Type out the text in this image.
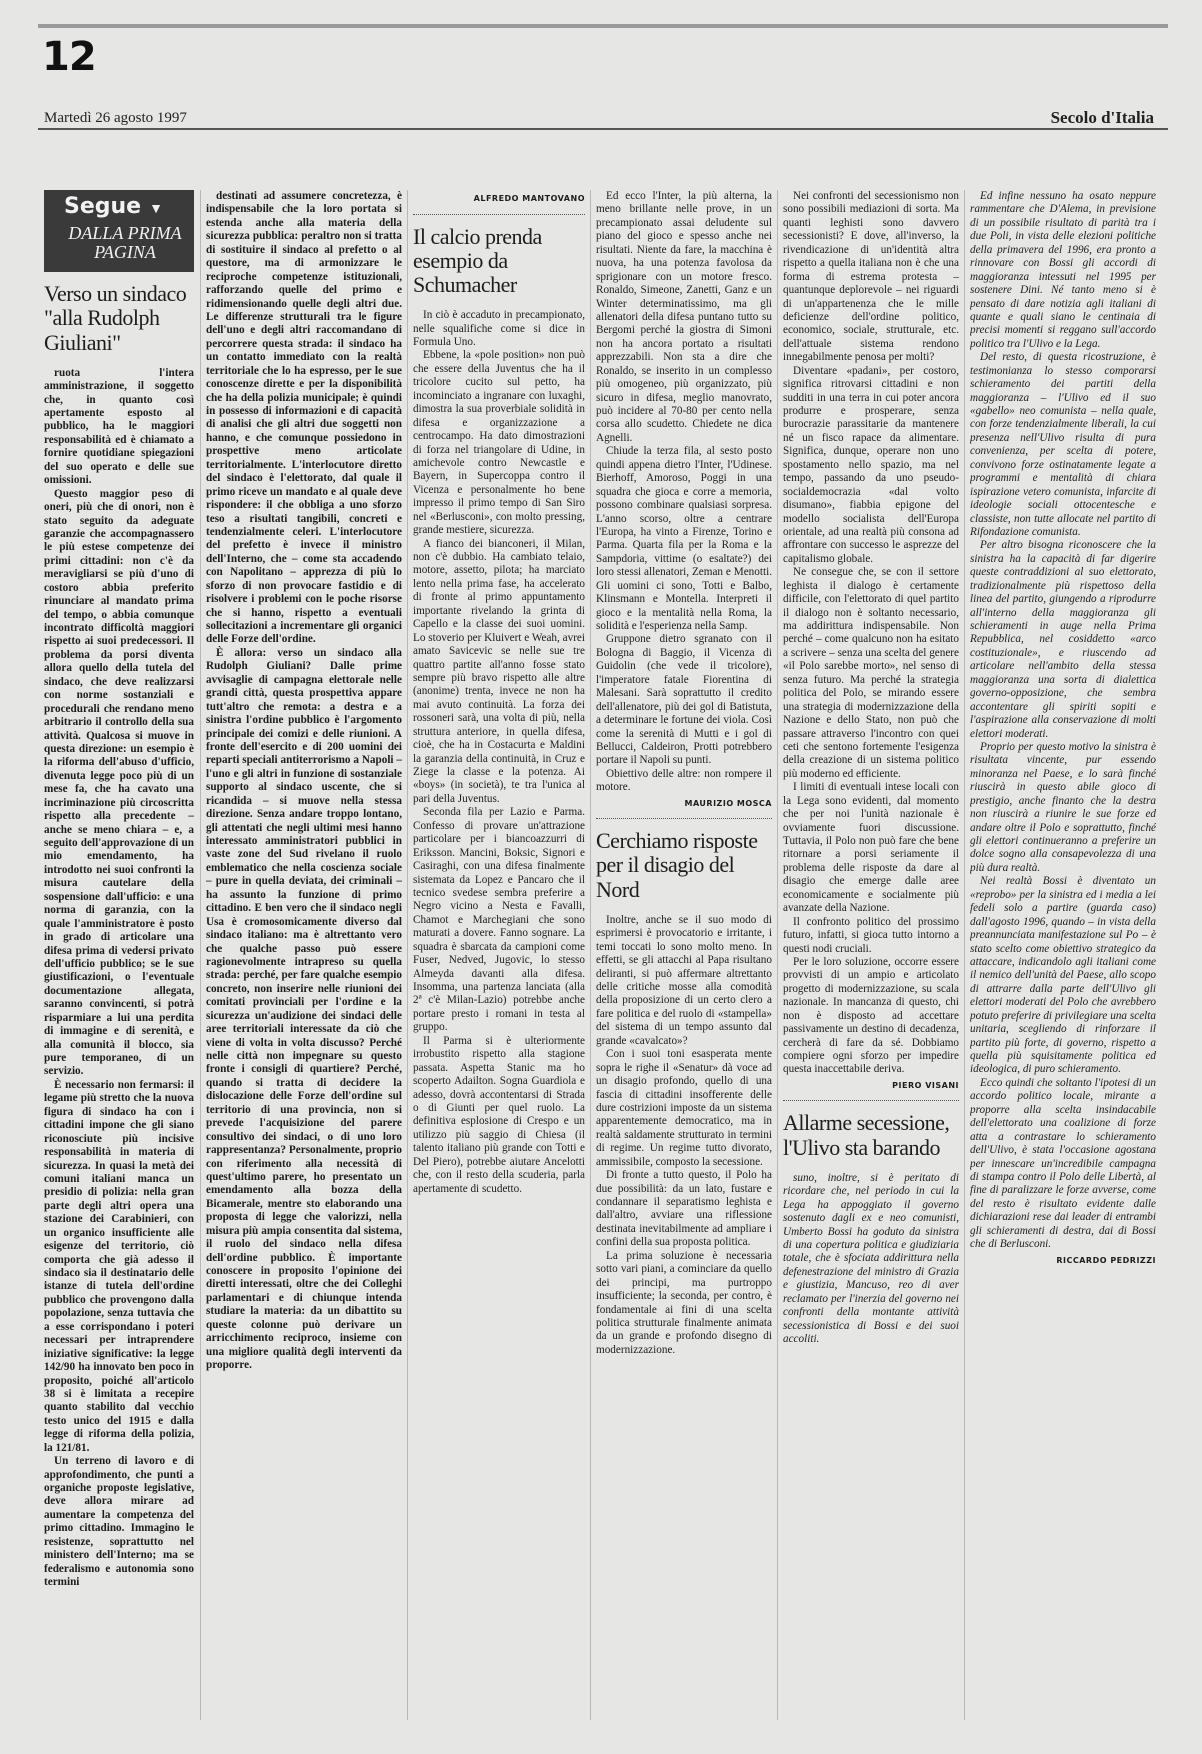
12
Martedì 26 agosto 1997	Secolo d'Italia
Segue ▼
DALLA PRIMA PAGINA
Verso un sindaco "alla Rudolph Giuliani"

ruota l'intera amministrazione, il soggetto che, in quanto così apertamente esposto al pubblico, ha le maggiori responsabilità ed è chiamato a fornire quotidiane spiegazioni del suo operato e delle sue omissioni.

Questo maggior peso di oneri, più che di onori, non è stato seguito da adeguate garanzie che accompagnassero le più estese competenze dei primi cittadini: non c'è da meravigliarsi se più d'uno di costoro abbia preferito rinunciare al mandato prima del tempo, o abbia comunque incontrato difficoltà maggiori rispetto ai suoi predecessori. Il problema da porsi diventa allora quello della tutela del sindaco, che deve realizzarsi con norme sostanziali e procedurali che rendano meno arbitrario il controllo della sua attività. Qualcosa si muove in questa direzione: un esempio è la riforma dell'abuso d'ufficio, divenuta legge poco più di un mese fa, che ha cavato una incriminazione più circoscritta rispetto alla precedente – anche se meno chiara – e, a seguito dell'approvazione di un mio emendamento, ha introdotto nei suoi confronti la misura cautelare della sospensione dall'ufficio: e una norma di garanzia, con la quale l'amministratore è posto in grado di articolare una difesa prima di vedersi privato dell'ufficio pubblico; se le sue giustificazioni, o l'eventuale documentazione allegata, saranno convincenti, si potrà risparmiare a lui una perdita di immagine e di serenità, e alla comunità il blocco, sia pure temporaneo, di un servizio.

È necessario non fermarsi: il legame più stretto che la nuova figura di sindaco ha con i cittadini impone che gli siano riconosciute più incisive responsabilità in materia di sicurezza. In quasi la metà dei comuni italiani manca un presidio di polizia: nella gran parte degli altri opera una stazione dei Carabinieri, con un organico insufficiente alle esigenze del territorio, ciò comporta che già adesso il sindaco sia il destinatario delle istanze di tutela dell'ordine pubblico che provengono dalla popolazione, senza tuttavia che a esse corrispondano i poteri necessari per intraprendere iniziative significative: la legge 142/90 ha innovato ben poco in proposito, poiché all'articolo 38 si è limitata a recepire quanto stabilito dal vecchio testo unico del 1915 e dalla legge di riforma della polizia, la 121/81.

Un terreno di lavoro e di approfondimento, che punti a organiche proposte legislative, deve allora mirare ad aumentare la competenza del primo cittadino. Immagino le resistenze, soprattutto nel ministero dell'Interno; ma se federalismo e autonomia sono termini

destinati ad assumere concretezza, è indispensabile che la loro portata si estenda anche alla materia della sicurezza pubblica: peraltro non si tratta di sostituire il sindaco al prefetto o al questore, ma di armonizzare le reciproche competenze istituzionali, rafforzando quelle del primo e ridimensionando quelle degli altri due. Le differenze strutturali tra le figure dell'uno e degli altri raccomandano di percorrere questa strada: il sindaco ha un contatto immediato con la realtà territoriale che lo ha espresso, per le sue conoscenze dirette e per la disponibilità che ha della polizia municipale; è quindi in possesso di informazioni e di capacità di analisi che gli altri due soggetti non hanno, e che comunque possiedono in prospettive meno articolate territorialmente. L'interlocutore diretto del sindaco è l'elettorato, dal quale il primo riceve un mandato e al quale deve rispondere: il che obbliga a uno sforzo teso a risultati tangibili, concreti e tendenzialmente celeri. L'interlocutore del prefetto è invece il ministro dell'Interno, che – come sta accadendo con Napolitano – apprezza di più lo sforzo di non provocare fastidio e di risolvere i problemi con le poche risorse che si hanno, rispetto a eventuali sollecitazioni a incrementare gli organici delle Forze dell'ordine.

È allora: verso un sindaco alla Rudolph Giuliani? Dalle prime avvisaglie di campagna elettorale nelle grandi città, questa prospettiva appare tutt'altro che remota: a destra e a sinistra l'ordine pubblico è l'argomento principale dei comizi e delle riunioni. A fronte dell'esercito e di 200 uomini dei reparti speciali antiterrorismo a Napoli – l'uno e gli altri in funzione di sostanziale supporto al sindaco uscente, che si ricandida – si muove nella stessa direzione. Senza andare troppo lontano, gli attentati che negli ultimi mesi hanno interessato amministratori pubblici in vaste zone del Sud rivelano il ruolo emblematico che nella coscienza sociale – pure in quella deviata, dei criminali – ha assunto la funzione di primo cittadino. E ben vero che il sindaco negli Usa è cromosomicamente diverso dal sindaco italiano: ma è altrettanto vero che qualche passo può essere ragionevolmente intrapreso su quella strada: perché, per fare qualche esempio concreto, non inserire nelle riunioni dei comitati provinciali per l'ordine e la sicurezza un'audizione dei sindaci delle aree territoriali interessate da ciò che viene di volta in volta discusso? Perché nelle città non impegnare su questo fronte i consigli di quartiere? Perché, quando si tratta di decidere la dislocazione delle Forze dell'ordine sul territorio di una provincia, non si prevede l'acquisizione del parere consultivo dei sindaci, o di uno loro rappresentanza? Personalmente, proprio con riferimento alla necessità di quest'ultimo parere, ho presentato un emendamento alla bozza della Bicamerale, mentre sto elaborando una proposta di legge che valorizzi, nella misura più ampia consentita dal sistema, il ruolo del sindaco nella difesa dell'ordine pubblico. È importante conoscere in proposito l'opinione dei diretti interessati, oltre che dei Colleghi parlamentari e di chiunque intenda studiare la materia: da un dibattito su queste colonne può derivare un arricchimento reciproco, insieme con una migliore qualità degli interventi da proporre.

ALFREDO MANTOVANO
Il calcio prenda esempio da Schumacher

In ciò è accaduto in precampionato, nelle squalifiche come si dice in Formula Uno.

Ebbene, la «pole position» non può che essere della Juventus che ha il tricolore cucito sul petto, ha incominciato a ingranare con luxaghi, dimostra la sua proverbiale solidità in difesa e organizzazione a centrocampo. Ha dato dimostrazioni di forza nel triangolare di Udine, in amichevole contro Newcastle e Bayern, in Supercoppa contro il Vicenza e personalmente ho bene impresso il primo tempo di San Siro nel «Berlusconi», con molto pressing, grande mestiere, sicurezza.

A fianco dei bianconeri, il Milan, non c'è dubbio. Ha cambiato telaio, motore, assetto, pilota; ha marciato lento nella prima fase, ha accelerato di fronte al primo appuntamento importante rivelando la grinta di Capello e la classe dei suoi uomini. Lo stoverio per Kluivert e Weah, avrei amato Savicevic se nelle sue tre quattro partite all'anno fosse stato sempre più bravo rispetto alle altre (anonime) trenta, invece ne non ha mai avuto continuità. La forza dei rossoneri sarà, una volta di più, nella struttura anteriore, in quella difesa, cioè, che ha in Costacurta e Maldini la garanzia della continuità, in Cruz e Ziege la classe e la potenza. Ai «boys» (in società), te tra l'unica al pari della Juventus.

Seconda fila per Lazio e Parma. Confesso di provare un'attrazione particolare per i biancoazzurri di Eriksson. Mancini, Boksic, Signori e Casiraghi, con una difesa finalmente sistemata da Lopez e Pancaro che il tecnico svedese sembra preferire a Negro vicino a Nesta e Favalli, Chamot e Marchegiani che sono maturati a dovere. Fanno sognare. La squadra è sbarcata da campioni come Fuser, Nedved, Jugovic, lo stesso Almeyda davanti alla difesa. Insomma, una partenza lanciata (alla 2ª c'è Milan-Lazio) potrebbe anche portare presto i romani in testa al gruppo.

Il Parma si è ulteriormente irrobustito rispetto alla stagione passata. Aspetta Stanic ma ho scoperto Adailton. Sogna Guardiola e adesso, dovrà accontentarsi di Strada o di Giunti per quel ruolo. La definitiva esplosione di Crespo e un utilizzo più saggio di Chiesa (il talento italiano più grande con Totti e Del Piero), potrebbe aiutare Ancelotti che, con il resto della scuderia, parla apertamente di scudetto.

Ed ecco l'Inter, la più alterna, la meno brillante nelle prove, in un precampionato assai deludente sul piano del gioco e spesso anche nei risultati. Niente da fare, la macchina è nuova, ha una potenza favolosa da sprigionare con un motore fresco. Ronaldo, Simeone, Zanetti, Ganz e un Winter determinatissimo, ma gli allenatori della difesa puntano tutto su Bergomi perché la giostra di Simoni non ha ancora portato a risultati apprezzabili. Non sta a dire che Ronaldo, se inserito in un complesso più omogeneo, più organizzato, più sicuro in difesa, meglio manovrato, può incidere al 70-80 per cento nella corsa allo scudetto. Chiedete ne dica Agnelli.

Chiude la terza fila, al sesto posto quindi appena dietro l'Inter, l'Udinese. Bierhoff, Amoroso, Poggi in una squadra che gioca e corre a memoria, possono combinare qualsiasi sorpresa. L'anno scorso, oltre a centrare l'Europa, ha vinto a Firenze, Torino e Parma. Quarta fila per la Roma e la Sampdoria, vittime (o esaltate?) dei loro stessi allenatori, Zeman e Menotti. Gli uomini ci sono, Totti e Balbo, Klinsmann e Montella. Interpreti il gioco e la mentalità nella Roma, la solidità e l'esperienza nella Samp.

Gruppone dietro sgranato con il Bologna di Baggio, il Vicenza di Guidolin (che vede il tricolore), l'imperatore fatale Fiorentina di Malesani. Sarà soprattutto il credito dell'allenatore, più dei gol di Batistuta, a determinare le fortune dei viola. Così come la serenità di Mutti e i gol di Bellucci, Caldeiron, Protti potrebbero portare il Napoli su punti.

Obiettivo delle altre: non rompere il motore.

MAURIZIO MOSCA
Cerchiamo risposte per il disagio del Nord

Inoltre, anche se il suo modo di esprimersi è provocatorio e irritante, i temi toccati lo sono molto meno. In effetti, se gli attacchi al Papa risultano deliranti, si può affermare altrettanto delle critiche mosse alla comodità della proposizione di un certo clero a fare politica e del ruolo di «stampella» del sistema di un tempo assunto dal grande «cavalcato»?

Con i suoi toni esasperata mente sopra le righe il «Senatur» dà voce ad un disagio profondo, quello di una fascia di cittadini insofferente delle dure costrizioni imposte da un sistema apparentemente democratico, ma in realtà saldamente strutturato in termini di regime. Un regime tutto divorato, ammissibile, composto la secessione.

Di fronte a tutto questo, il Polo ha due possibilità: da un lato, fustare e condannare il separatismo leghista e dall'altro, avviare una riflessione destinata inevitabilmente ad ampliare i confini della sua proposta politica.

La prima soluzione è necessaria sotto vari piani, a cominciare da quello dei principi, ma purtroppo insufficiente; la seconda, per contro, è fondamentale ai fini di una scelta politica strutturale finalmente animata da un grande e profondo disegno di modernizzazione.

Nei confronti del secessionismo non sono possibili mediazioni di sorta. Ma quanti leghisti sono davvero secessionisti? E dove, all'inverso, la rivendicazione di un'identità altra rispetto a quella italiana non è che una forma di estrema protesta – quantunque deplorevole – nei riguardi di un'appartenenza che le mille deficienze dell'ordine politico, economico, sociale, strutturale, etc. dell'attuale sistema rendono innegabilmente penosa per molti?

Diventare «padani», per costoro, significa ritrovarsi cittadini e non sudditi in una terra in cui poter ancora produrre e prosperare, senza burocrazie parassitarie da mantenere né un fisco rapace da alimentare. Significa, dunque, operare non uno spostamento nello spazio, ma nel tempo, passando da uno pseudo-socialdemocrazia «dal volto disumano», fiabbia epigone del modello socialista dell'Europa orientale, ad una realtà più consona ad affrontare con successo le asprezze del capitalismo globale.

Ne consegue che, se con il settore leghista il dialogo è certamente difficile, con l'elettorato di quel partito il dialogo non è soltanto necessario, ma addirittura indispensabile. Non perché – come qualcuno non ha esitato a scrivere – senza una scelta del genere «il Polo sarebbe morto», nel senso di senza futuro. Ma perché la strategia politica del Polo, se mirando essere una strategia di modernizzazione della Nazione e dello Stato, non può che passare attraverso l'incontro con quei ceti che sentono fortemente l'esigenza della creazione di un sistema politico più moderno ed efficiente.

I limiti di eventuali intese locali con la Lega sono evidenti, dal momento che per noi l'unità nazionale è ovviamente fuori discussione. Tuttavia, il Polo non può fare che bene ritornare a porsi seriamente il problema delle risposte da dare al disagio che emerge dalle aree economicamente e socialmente più avanzate della Nazione.

Il confronto politico del prossimo futuro, infatti, si gioca tutto intorno a questi nodi cruciali.

Per le loro soluzione, occorre essere provvisti di un ampio e articolato progetto di modernizzazione, su scala nazionale. In mancanza di questo, chi non è disposto ad accettare passivamente un destino di decadenza, cercherà di fare da sé. Dobbiamo compiere ogni sforzo per impedire questa inaccettabile deriva.

PIERO VISANI
Allarme secessione, l'Ulivo sta barando

suno, inoltre, si è peritato di ricordare che, nel periodo in cui la Lega ha appoggiato il governo sostenuto dagli ex e neo comunisti, Umberto Bossi ha goduto da sinistra di una copertura politica e giudiziaria totale, che è sfociata addirittura nella defenestrazione del ministro di Grazia e giustizia, Mancuso, reo di aver reclamato per l'inerzia del governo nei confronti della montante attività secessionistica di Bossi e dei suoi accoliti.

Ed infine nessuno ha osato neppure rammentare che D'Alema, in previsione di un possibile risultato di parità tra i due Poli, in vista delle elezioni politiche della primavera del 1996, era pronto a rinnovare con Bossi gli accordi di maggioranza intessuti nel 1995 per sostenere Dini. Né tanto meno si è pensato di dare notizia agli italiani di quante e quali siano le centinaia di precisi momenti si reggano sull'accordo politico tra l'Ulivo e la Lega.

Del resto, di questa ricostruzione, è testimonianza lo stesso comporarsi schieramento dei partiti della maggioranza – l'Ulivo ed il suo «gabello» neo comunista – nella quale, con forze tendenzialmente liberali, la cui presenza nell'Ulivo risulta di pura convenienza, per scelta di potere, convivono forze ostinatamente legate a programmi e mentalità di chiara ispirazione vetero comunista, infarcite di ideologie sociali ottocentesche e classiste, non tutte allocate nel partito di Rifondazione comunista.

Per altro bisogna riconoscere che la sinistra ha la capacità di far digerire queste contraddizioni al suo elettorato, tradizionalmente più rispettoso della linea del partito, giungendo a riprodurre all'interno della maggioranza gli schieramenti in auge nella Prima Repubblica, nel cosiddetto «arco costituzionale», e riuscendo ad articolare nell'ambito della stessa maggioranza una sorta di dialettica governo-opposizione, che sembra accontentare gli spiriti sopiti e l'aspirazione alla conservazione di molti elettori moderati.

Proprio per questo motivo la sinistra è risultata vincente, pur essendo minoranza nel Paese, e lo sarà finché riuscirà in questo abile gioco di prestigio, anche finanto che la destra non riuscirà a riunire le sue forze ed andare oltre il Polo e soprattutto, finché gli elettori continueranno a preferire un dolce sogno alla consapevolezza di una più dura realtà.

Nei realtà Bossi è diventato un «reprobo» per la sinistra ed i media a lei fedeli solo a partire (guarda caso) dall'agosto 1996, quando – in vista della preannunciata manifestazione sul Po – è stato scelto come obiettivo strategico da attaccare, indicandolo agli italiani come il nemico dell'unità del Paese, allo scopo di attrarre dalla parte dell'Ulivo gli elettori moderati del Polo che avrebbero potuto preferire di privilegiare una scelta unitaria, scegliendo di rinforzare il partito più forte, di governo, rispetto a quella più squisitamente politica ed ideologica, di puro schieramento.

Ecco quindi che soltanto l'ipotesi di un accordo politico locale, mirante a proporre alla scelta insindacabile dell'elettorato una coalizione di forze atta a contrastare lo schieramento dell'Ulivo, è stata l'occasione agostana per innescare un'incredibile campagna di stampa contro il Polo delle Libertà, al fine di paralizzare le forze avverse, come del resto è risultato evidente dalle dichiarazioni rese dai leader di entrambi gli schieramenti di destra, dai di Bossi che di Berlusconi.

RICCARDO PEDRIZZI
